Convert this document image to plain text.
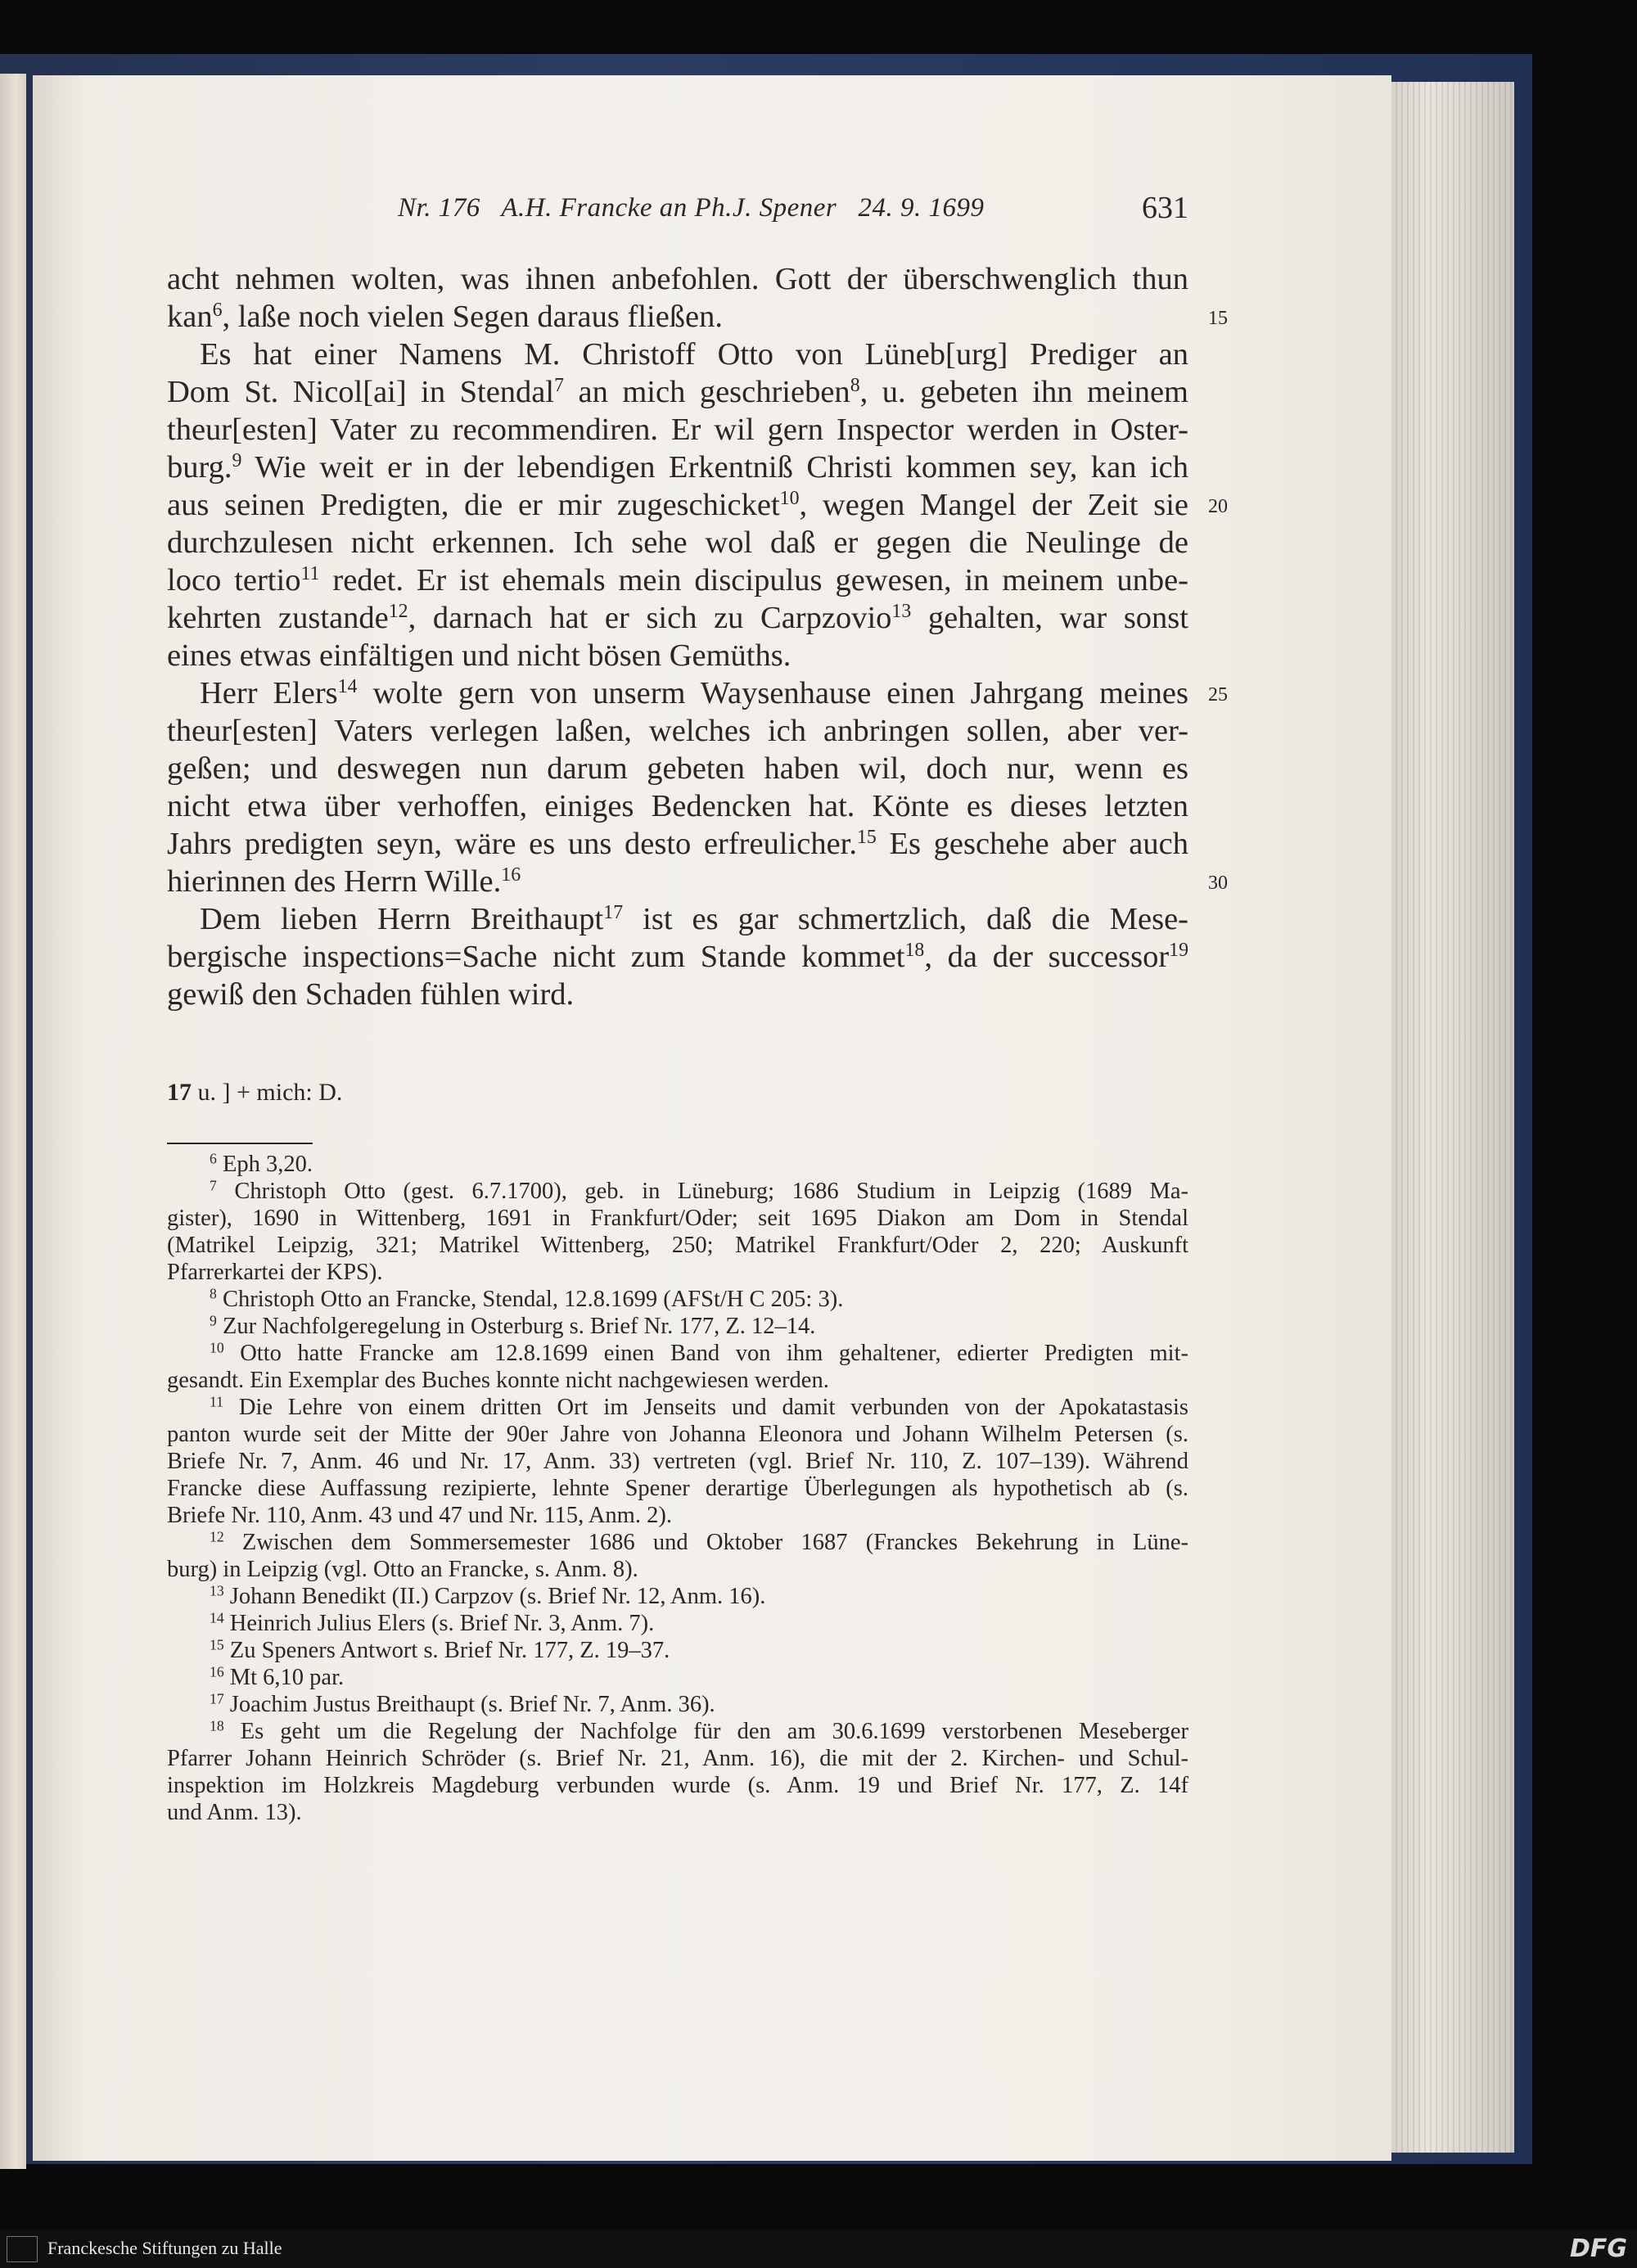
Nr. 176   A.H. Francke an Ph.J. Spener   24. 9. 1699	631
acht nehmen wolten, was ihnen anbefohlen. Gott der überschwenglich thun
kan$^6$, laße noch vielen Segen daraus fließen.
Es hat einer Namens M. Christoff Otto von Lüneb[urg] Prediger an
Dom St. Nicol[ai] in Stendal$^7$ an mich geschrieben$^8$, u. gebeten ihn meinem
theur[esten] Vater zu recommendiren. Er wil gern Inspector werden in Oster-
burg.$^9$ Wie weit er in der lebendigen Erkentniß Christi kommen sey, kan ich
aus seinen Predigten, die er mir zugeschicket$^{10}$, wegen Mangel der Zeit sie
durchzulesen nicht erkennen. Ich sehe wol daß er gegen die Neulinge de
loco tertio$^{11}$ redet. Er ist ehemals mein discipulus gewesen, in meinem unbe-
kehrten zustande$^{12}$, darnach hat er sich zu Carpzovio$^{13}$ gehalten, war sonst
eines etwas einfältigen und nicht bösen Gemüths.
Herr Elers$^{14}$ wolte gern von unserm Waysenhause einen Jahrgang meines
theur[esten] Vaters verlegen laßen, welches ich anbringen sollen, aber ver-
geßen; und deswegen nun darum gebeten haben wil, doch nur, wenn es
nicht etwa über verhoffen, einiges Bedencken hat. Könte es dieses letzten
Jahrs predigten seyn, wäre es uns desto erfreulicher.$^{15}$ Es geschehe aber auch
hierinnen des Herrn Wille.$^{16}$
Dem lieben Herrn Breithaupt$^{17}$ ist es gar schmertzlich, daß die Mese-
bergische inspections=Sache nicht zum Stande kommet$^{18}$, da der successor$^{19}$
gewiß den Schaden fühlen wird.
15
20
25
30
17 u. ] + mich: D.
$^6$ Eph 3,20.
$^7$ Christoph Otto (gest. 6.7.1700), geb. in Lüneburg; 1686 Studium in Leipzig (1689 Ma-
gister), 1690 in Wittenberg, 1691 in Frankfurt/Oder; seit 1695 Diakon am Dom in Stendal
(Matrikel Leipzig, 321; Matrikel Wittenberg, 250; Matrikel Frankfurt/Oder 2, 220; Auskunft
Pfarrerkartei der KPS).
$^8$ Christoph Otto an Francke, Stendal, 12.8.1699 (AFSt/H C 205: 3).
$^9$ Zur Nachfolgeregelung in Osterburg s. Brief Nr. 177, Z. 12–14.
$^{10}$ Otto hatte Francke am 12.8.1699 einen Band von ihm gehaltener, edierter Predigten mit-
gesandt. Ein Exemplar des Buches konnte nicht nachgewiesen werden.
$^{11}$ Die Lehre von einem dritten Ort im Jenseits und damit verbunden von der Apokatastasis
panton wurde seit der Mitte der 90er Jahre von Johanna Eleonora und Johann Wilhelm Petersen (s.
Briefe Nr. 7, Anm. 46 und Nr. 17, Anm. 33) vertreten (vgl. Brief Nr. 110, Z. 107–139). Während
Francke diese Auffassung rezipierte, lehnte Spener derartige Überlegungen als hypothetisch ab (s.
Briefe Nr. 110, Anm. 43 und 47 und Nr. 115, Anm. 2).
$^{12}$ Zwischen dem Sommersemester 1686 und Oktober 1687 (Franckes Bekehrung in Lüne-
burg) in Leipzig (vgl. Otto an Francke, s. Anm. 8).
$^{13}$ Johann Benedikt (II.) Carpzov (s. Brief Nr. 12, Anm. 16).
$^{14}$ Heinrich Julius Elers (s. Brief Nr. 3, Anm. 7).
$^{15}$ Zu Speners Antwort s. Brief Nr. 177, Z. 19–37.
$^{16}$ Mt 6,10 par.
$^{17}$ Joachim Justus Breithaupt (s. Brief Nr. 7, Anm. 36).
$^{18}$ Es geht um die Regelung der Nachfolge für den am 30.6.1699 verstorbenen Meseberger
Pfarrer Johann Heinrich Schröder (s. Brief Nr. 21, Anm. 16), die mit der 2. Kirchen- und Schul-
inspektion im Holzkreis Magdeburg verbunden wurde (s. Anm. 19 und Brief Nr. 177, Z. 14f
und Anm. 13).
Franckesche Stiftungen zu Halle	DFG
